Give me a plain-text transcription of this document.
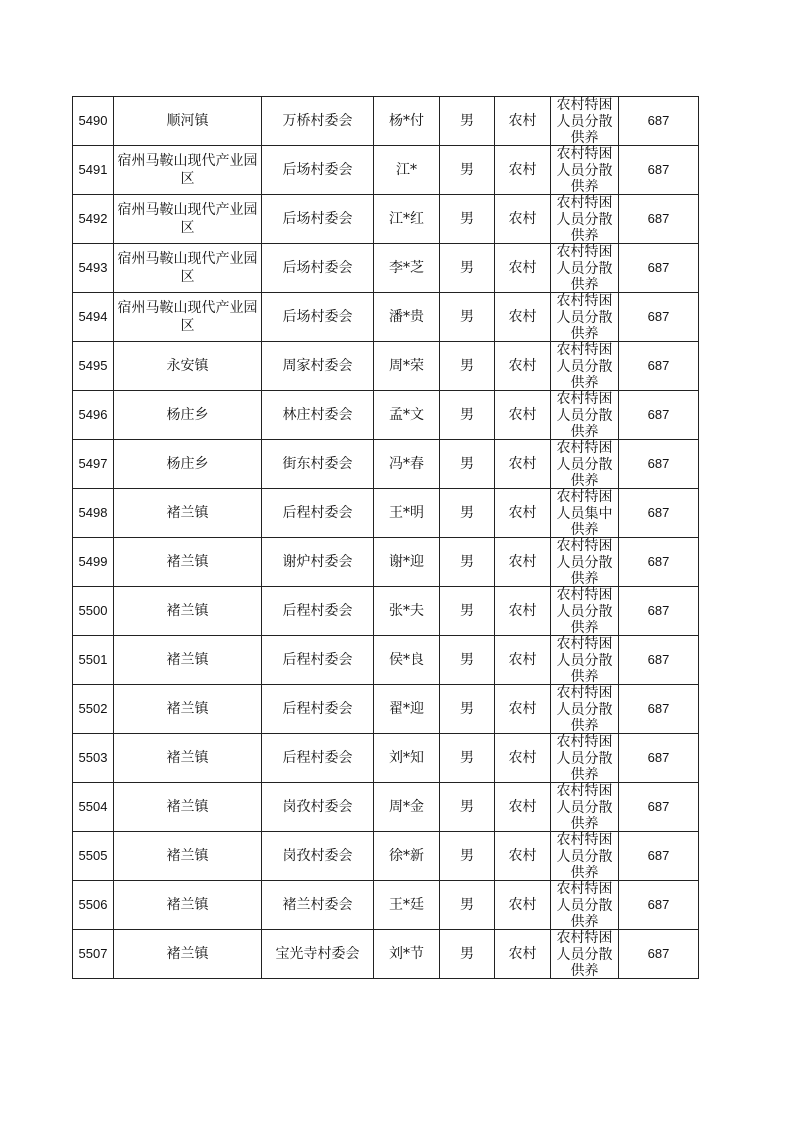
5490	顺河镇	万桥村委会	杨*付	男	农村	农村特困人员分散供养	687
5491	宿州马鞍山现代产业园区	后场村委会	江*	男	农村	农村特困人员分散供养	687
5492	宿州马鞍山现代产业园区	后场村委会	江*红	男	农村	农村特困人员分散供养	687
5493	宿州马鞍山现代产业园区	后场村委会	李*芝	男	农村	农村特困人员分散供养	687
5494	宿州马鞍山现代产业园区	后场村委会	潘*贵	男	农村	农村特困人员分散供养	687
5495	永安镇	周家村委会	周*荣	男	农村	农村特困人员分散供养	687
5496	杨庄乡	林庄村委会	孟*文	男	农村	农村特困人员分散供养	687
5497	杨庄乡	街东村委会	冯*春	男	农村	农村特困人员分散供养	687
5498	褚兰镇	后程村委会	王*明	男	农村	农村特困人员集中供养	687
5499	褚兰镇	谢炉村委会	谢*迎	男	农村	农村特困人员分散供养	687
5500	褚兰镇	后程村委会	张*夫	男	农村	农村特困人员分散供养	687
5501	褚兰镇	后程村委会	侯*良	男	农村	农村特困人员分散供养	687
5502	褚兰镇	后程村委会	翟*迎	男	农村	农村特困人员分散供养	687
5503	褚兰镇	后程村委会	刘*知	男	农村	农村特困人员分散供养	687
5504	褚兰镇	岗孜村委会	周*金	男	农村	农村特困人员分散供养	687
5505	褚兰镇	岗孜村委会	徐*新	男	农村	农村特困人员分散供养	687
5506	褚兰镇	褚兰村委会	王*廷	男	农村	农村特困人员分散供养	687
5507	褚兰镇	宝光寺村委会	刘*节	男	农村	农村特困人员分散供养	687
